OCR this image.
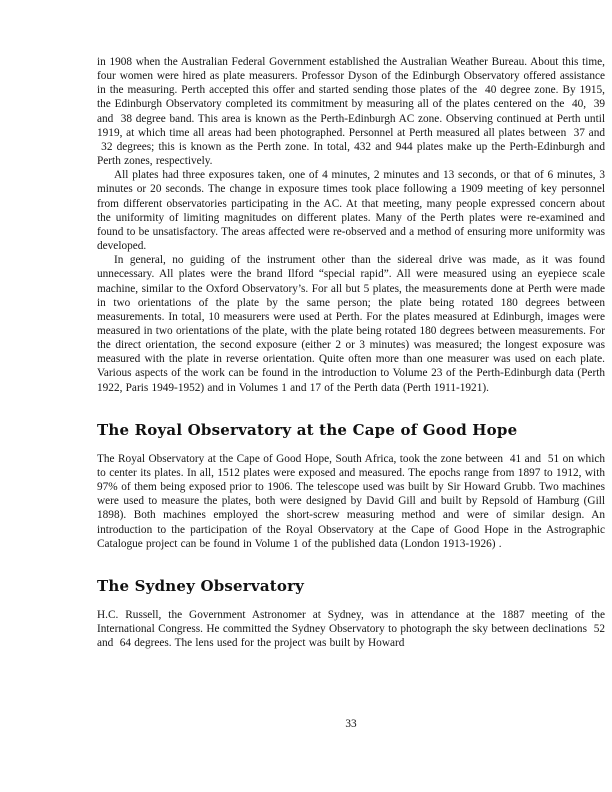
in 1908 when the Australian Federal Government established the Australian Weather Bureau. About this time, four women were hired as plate measurers. Professor Dyson of the Edinburgh Observatory offered assistance in the measuring. Perth accepted this offer and started sending those plates of the  40 degree zone. By 1915, the Edinburgh Observatory completed its commitment by measuring all of the plates centered on the  40,  39 and  38 degree band. This area is known as the Perth-Edinburgh AC zone. Observing continued at Perth until 1919, at which time all areas had been photographed. Personnel at Perth measured all plates between  37 and  32 degrees; this is known as the Perth zone. In total, 432 and 944 plates make up the Perth-Edinburgh and Perth zones, respectively.

All plates had three exposures taken, one of 4 minutes, 2 minutes and 13 seconds, or that of 6 minutes, 3 minutes or 20 seconds. The change in exposure times took place following a 1909 meeting of key personnel from different observatories participating in the AC. At that meeting, many people expressed concern about the uniformity of limiting magnitudes on different plates. Many of the Perth plates were re-examined and found to be unsatisfactory. The areas affected were re-observed and a method of ensuring more uniformity was developed.

In general, no guiding of the instrument other than the sidereal drive was made, as it was found unnecessary. All plates were the brand Ilford “special rapid”. All were measured using an eyepiece scale machine, similar to the Oxford Observatory’s. For all but 5 plates, the measurements done at Perth were made in two orientations of the plate by the same person; the plate being rotated 180 degrees between measurements. In total, 10 measurers were used at Perth. For the plates measured at Edinburgh, images were measured in two orientations of the plate, with the plate being rotated 180 degrees between measurements. For the direct orientation, the second exposure (either 2 or 3 minutes) was measured; the longest exposure was measured with the plate in reverse orientation. Quite often more than one measurer was used on each plate. Various aspects of the work can be found in the introduction to Volume 23 of the Perth-Edinburgh data (Perth 1922, Paris 1949-1952) and in Volumes 1 and 17 of the Perth data (Perth 1911-1921).

The Royal Observatory at the Cape of Good Hope

The Royal Observatory at the Cape of Good Hope, South Africa, took the zone between  41 and  51 on which to center its plates. In all, 1512 plates were exposed and measured. The epochs range from 1897 to 1912, with 97% of them being exposed prior to 1906. The telescope used was built by Sir Howard Grubb. Two machines were used to measure the plates, both were designed by David Gill and built by Repsold of Hamburg (Gill 1898). Both machines employed the short-screw measuring method and were of similar design. An introduction to the participation of the Royal Observatory at the Cape of Good Hope in the Astrographic Catalogue project can be found in Volume 1 of the published data (London 1913-1926) .

The Sydney Observatory

H.C. Russell, the Government Astronomer at Sydney, was in attendance at the 1887 meeting of the International Congress. He committed the Sydney Observatory to photograph the sky between declinations  52 and  64 degrees. The lens used for the project was built by Howard

33
